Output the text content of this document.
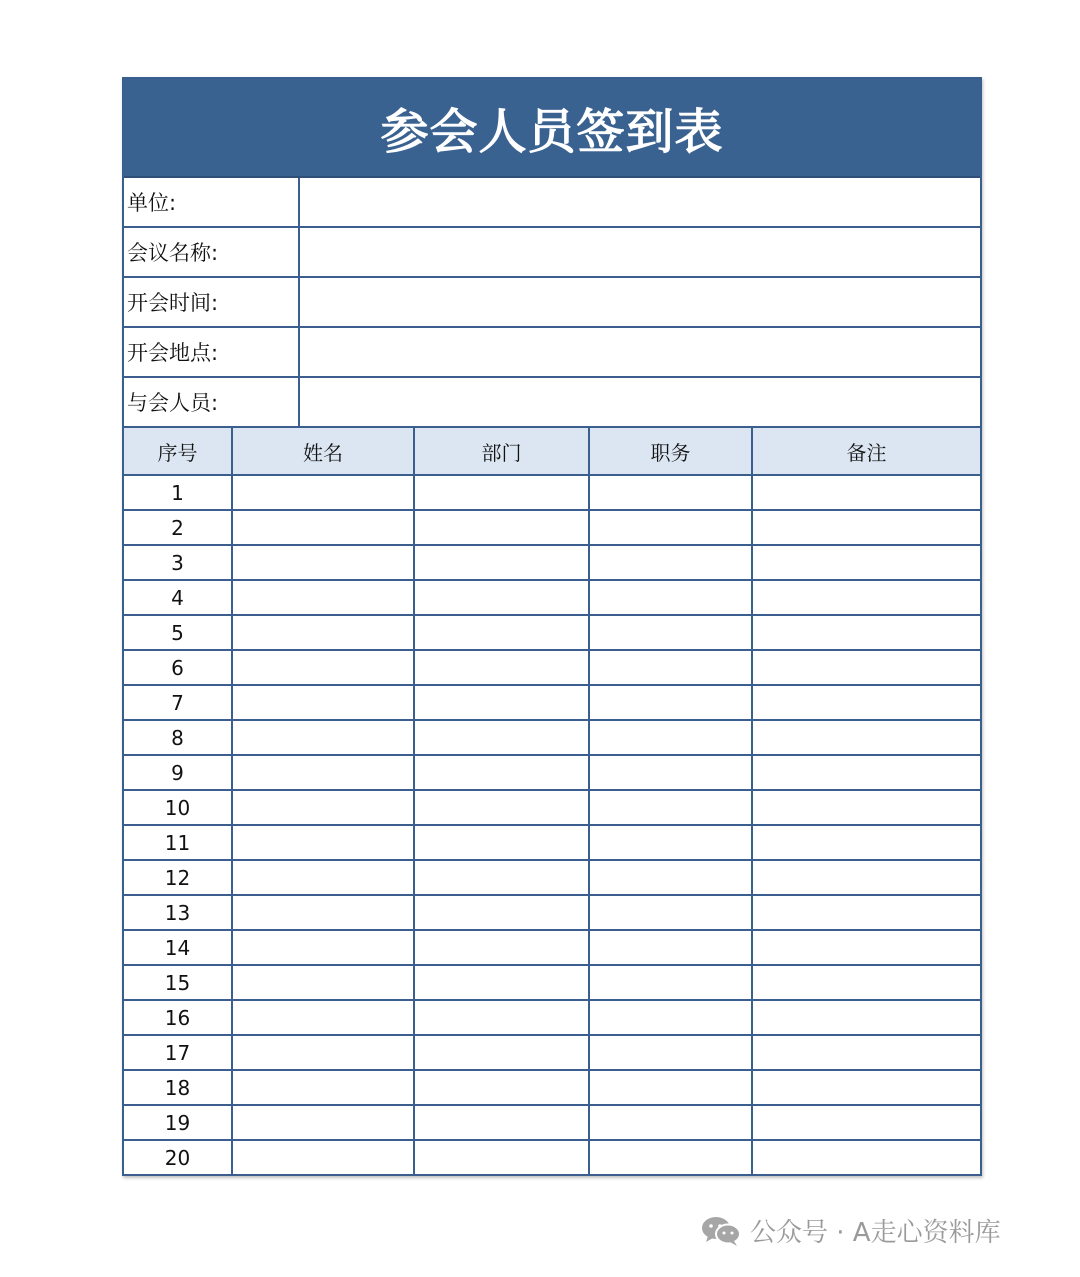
参会人员签到表
单位:
会议名称:
开会时间:
开会地点:
与会人员:
序号	姓名	部门	职务	备注
1				
2				
3				
4				
5				
6				
7				
8				
9				
10				
11				
12				
13				
14				
15				
16				
17				
18				
19				
20				
公众号 · A走心资料库
